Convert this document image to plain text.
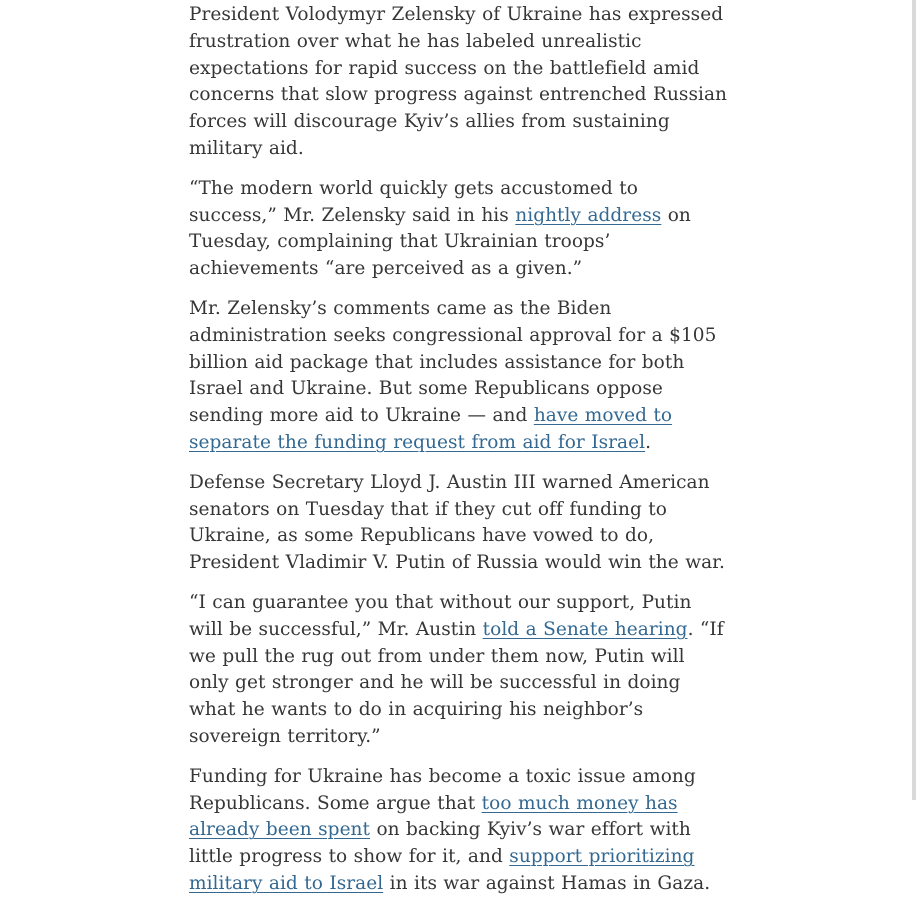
President Volodymyr Zelensky of Ukraine has expressed frustration over what he has labeled unrealistic expectations for rapid success on the battlefield amid concerns that slow progress against entrenched Russian forces will discourage Kyiv’s allies from sustaining military aid.

“The modern world quickly gets accustomed to success,” Mr. Zelensky said in his nightly address on Tuesday, complaining that Ukrainian troops’ achievements “are perceived as a given.”

Mr. Zelensky’s comments came as the Biden administration seeks congressional approval for a $105 billion aid package that includes assistance for both Israel and Ukraine. But some Republicans oppose sending more aid to Ukraine — and have moved to separate the funding request from aid for Israel.

Defense Secretary Lloyd J. Austin III warned American senators on Tuesday that if they cut off funding to Ukraine, as some Republicans have vowed to do, President Vladimir V. Putin of Russia would win the war.

“I can guarantee you that without our support, Putin will be successful,” Mr. Austin told a Senate hearing. “If we pull the rug out from under them now, Putin will only get stronger and he will be successful in doing what he wants to do in acquiring his neighbor’s sovereign territory.”

Funding for Ukraine has become a toxic issue among Republicans. Some argue that too much money has already been spent on backing Kyiv’s war effort with little progress to show for it, and support prioritizing military aid to Israel in its war against Hamas in Gaza.
